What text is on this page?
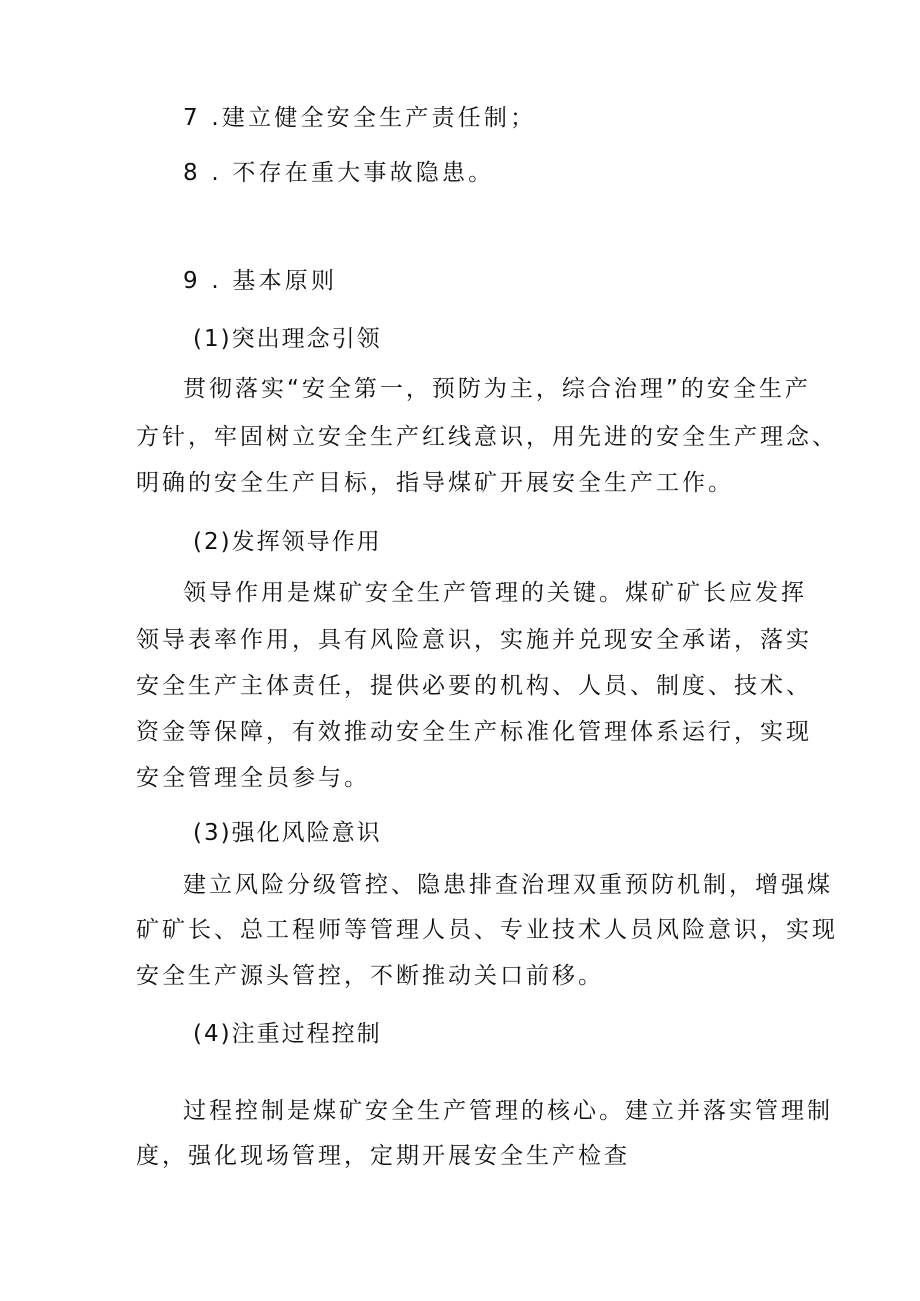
7 .建立健全安全生产责任制；
8 . 不存在重大事故隐患。
9 . 基本原则
(1)突出理念引领
贯彻落实“安全第一，预防为主，综合治理”的安全生产
方针，牢固树立安全生产红线意识，用先进的安全生产理念、
明确的安全生产目标，指导煤矿开展安全生产工作。
(2)发挥领导作用
领导作用是煤矿安全生产管理的关键。煤矿矿长应发挥
领导表率作用，具有风险意识，实施并兑现安全承诺，落实
安全生产主体责任，提供必要的机构、人员、制度、技术、
资金等保障，有效推动安全生产标准化管理体系运行，实现
安全管理全员参与。
(3)强化风险意识
建立风险分级管控、隐患排查治理双重预防机制，增强煤
矿矿长、总工程师等管理人员、专业技术人员风险意识，实现
安全生产源头管控，不断推动关口前移。
(4)注重过程控制
过程控制是煤矿安全生产管理的核心。建立并落实管理制
度，强化现场管理，定期开展安全生产检查
